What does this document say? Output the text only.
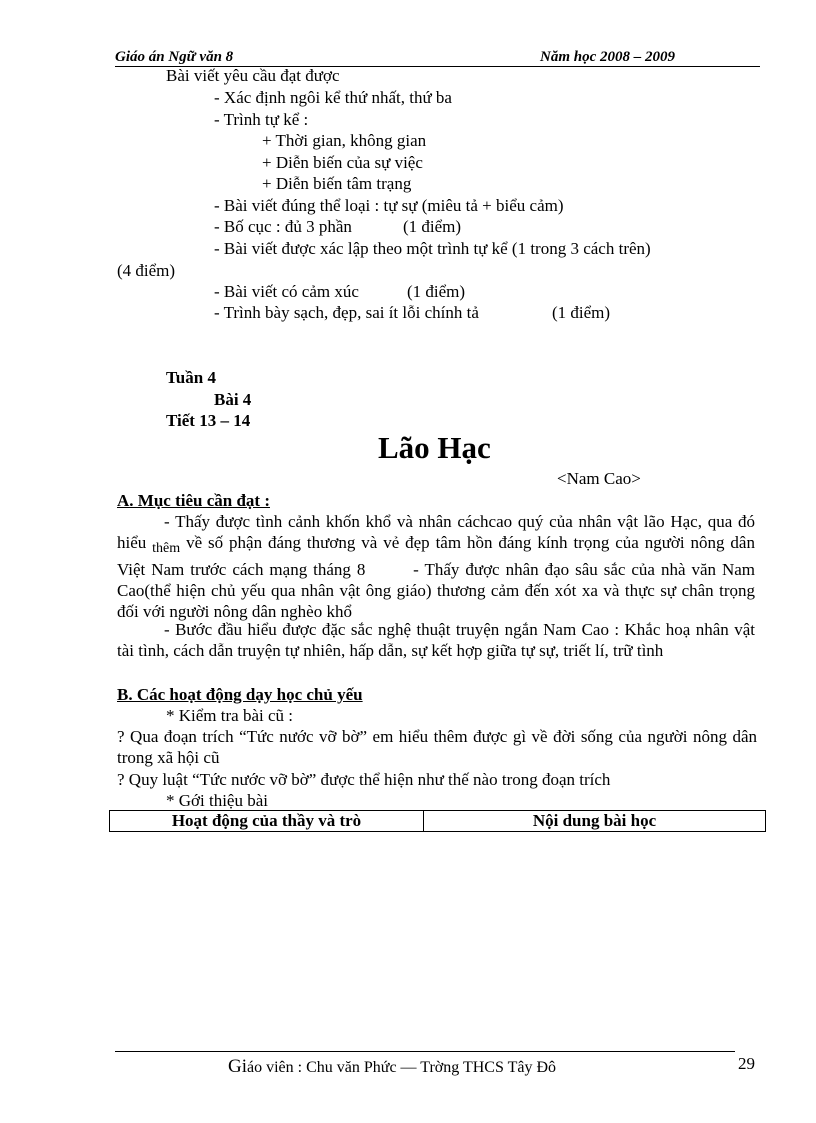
Giáo án Ngữ văn 8	Năm học 2008 – 2009
Bài viết yêu cầu đạt được
- Xác định ngôi kể thứ nhất, thứ ba
- Trình tự kể :
+ Thời gian, không gian
+ Diễn biến của sự việc
+ Diễn biến tâm trạng
- Bài viết đúng thể loại : tự sự (miêu tả + biểu cảm)
- Bố cục : đủ 3 phần	(1 điểm)
- Bài viết được xác lập theo một trình tự kể (1 trong 3 cách trên)
(4 điểm)
- Bài viết có cảm xúc	(1 điểm)
- Trình bày sạch, đẹp, sai ít lỗi chính tả	(1 điểm)
Tuần 4
Bài 4
Tiết 13 – 14
Lão Hạc
<Nam Cao>
A. Mục tiêu cần đạt :
- Thấy được tình cảnh khốn khổ và nhân cáchcao quý của nhân vật lão Hạc, qua đó hiểu $_{thêm}$ về số phận đáng thương và vẻ đẹp tâm hồn đáng kính trọng của người nông dân Việt Nam trước cách mạng tháng 8	- Thấy được nhân đạo sâu sắc của nhà văn Nam Cao(thể hiện chủ yếu qua nhân vật ông giáo) thương cảm đến xót xa và thực sự chân trọng đối với người nông dân nghèo khổ
- Bước đầu hiểu được đặc sắc nghệ thuật truyện ngắn Nam Cao : Khắc hoạ nhân vật tài tình, cách dẫn truyện tự nhiên, hấp dẫn, sự kết hợp giữa tự sự, triết lí, trữ tình
B. Các hoạt động dạy học chủ yếu
* Kiểm tra bài cũ :
? Qua đoạn trích “Tức nước vỡ bờ” em hiểu thêm được gì về đời sống của người nông dân trong xã hội cũ
? Quy luật “Tức nước vỡ bờ” được thể hiện như thế nào trong đoạn trích
* Gới thiệu bài
Hoạt động của thầy và trò	Nội dung bài học
Giáo viên : Chu văn Phức — Trờng THCS Tây Đô	29
